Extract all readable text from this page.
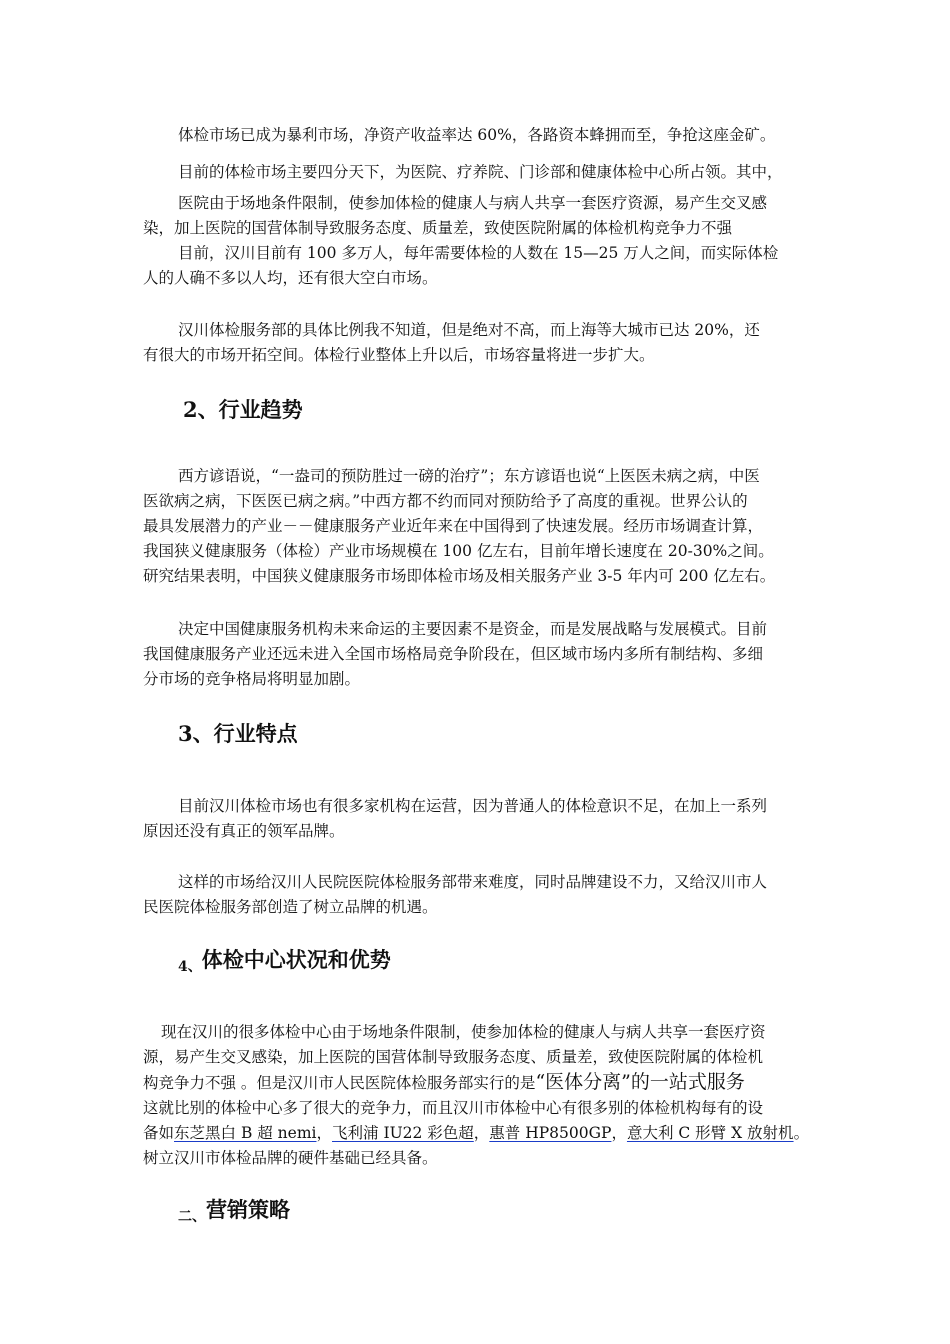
体检市场已成为暴利市场，净资产收益率达 60%，各路资本蜂拥而至，争抢这座金矿。

目前的体检市场主要四分天下，为医院、疗养院、门诊部和健康体检中心所占领。其中，

医院由于场地条件限制，使参加体检的健康人与病人共享一套医疗资源，易产生交叉感
染，加上医院的国营体制导致服务态度、质量差，致使医院附属的体检机构竞争力不强

目前，汉川目前有 100 多万人，每年需要体检的人数在 15—25 万人之间，而实际体检
人的人确不多以人均，还有很大空白市场。

汉川体检服务部的具体比例我不知道，但是绝对不高，而上海等大城市已达 20%，还
有很大的市场开拓空间。体检行业整体上升以后，市场容量将进一步扩大。

2、行业趋势

西方谚语说，“一盎司的预防胜过一磅的治疗”；东方谚语也说“上医医未病之病，中医
医欲病之病，下医医已病之病。”中西方都不约而同对预防给予了高度的重视。世界公认的
最具发展潜力的产业－－健康服务产业近年来在中国得到了快速发展。经历市场调查计算，
我国狭义健康服务（体检）产业市场规模在 100 亿左右，目前年增长速度在 20-30%之间。
研究结果表明，中国狭义健康服务市场即体检市场及相关服务产业 3-5 年内可 200 亿左右。

决定中国健康服务机构未来命运的主要因素不是资金，而是发展战略与发展模式。目前
我国健康服务产业还远未进入全国市场格局竞争阶段在，但区域市场内多所有制结构、多细
分市场的竞争格局将明显加剧。

3、行业特点

目前汉川体检市场也有很多家机构在运营，因为普通人的体检意识不足，在加上一系列
原因还没有真正的领军品牌。

这样的市场给汉川人民院医院体检服务部带来难度，同时品牌建设不力，又给汉川市人
民医院体检服务部创造了树立品牌的机遇。

4、体检中心状况和优势

现在汉川的很多体检中心由于场地条件限制，使参加体检的健康人与病人共享一套医疗资
源，易产生交叉感染，加上医院的国营体制导致服务态度、质量差，致使医院附属的体检机
构竞争力不强 。但是汉川市人民医院体检服务部实行的是“医体分离”的一站式服务
这就比别的体检中心多了很大的竞争力，而且汉川市体检中心有很多别的体检机构每有的设
备如东芝黑白 B 超 nemi，飞利浦 IU22 彩色超，惠普 HP8500GP，意大利 C 形臂 X 放射机。
树立汉川市体检品牌的硬件基础已经具备。

二、营销策略
